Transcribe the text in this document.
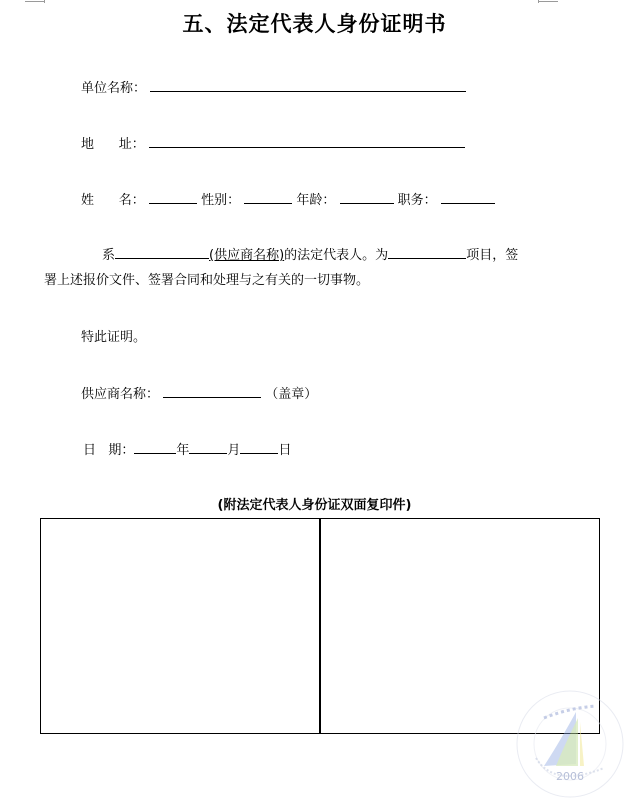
五、法定代表人身份证明书
单位名称：
地      址：
姓      名：	性别：	年龄：	职务：
系	(供应商名称)的法定代表人。为	项目，签
署上述报价文件、签署合同和处理与之有关的一切事物。
特此证明。
供应商名称：	（盖章）
日   期：	年	月	日
(附法定代表人身份证双面复印件)
2006
